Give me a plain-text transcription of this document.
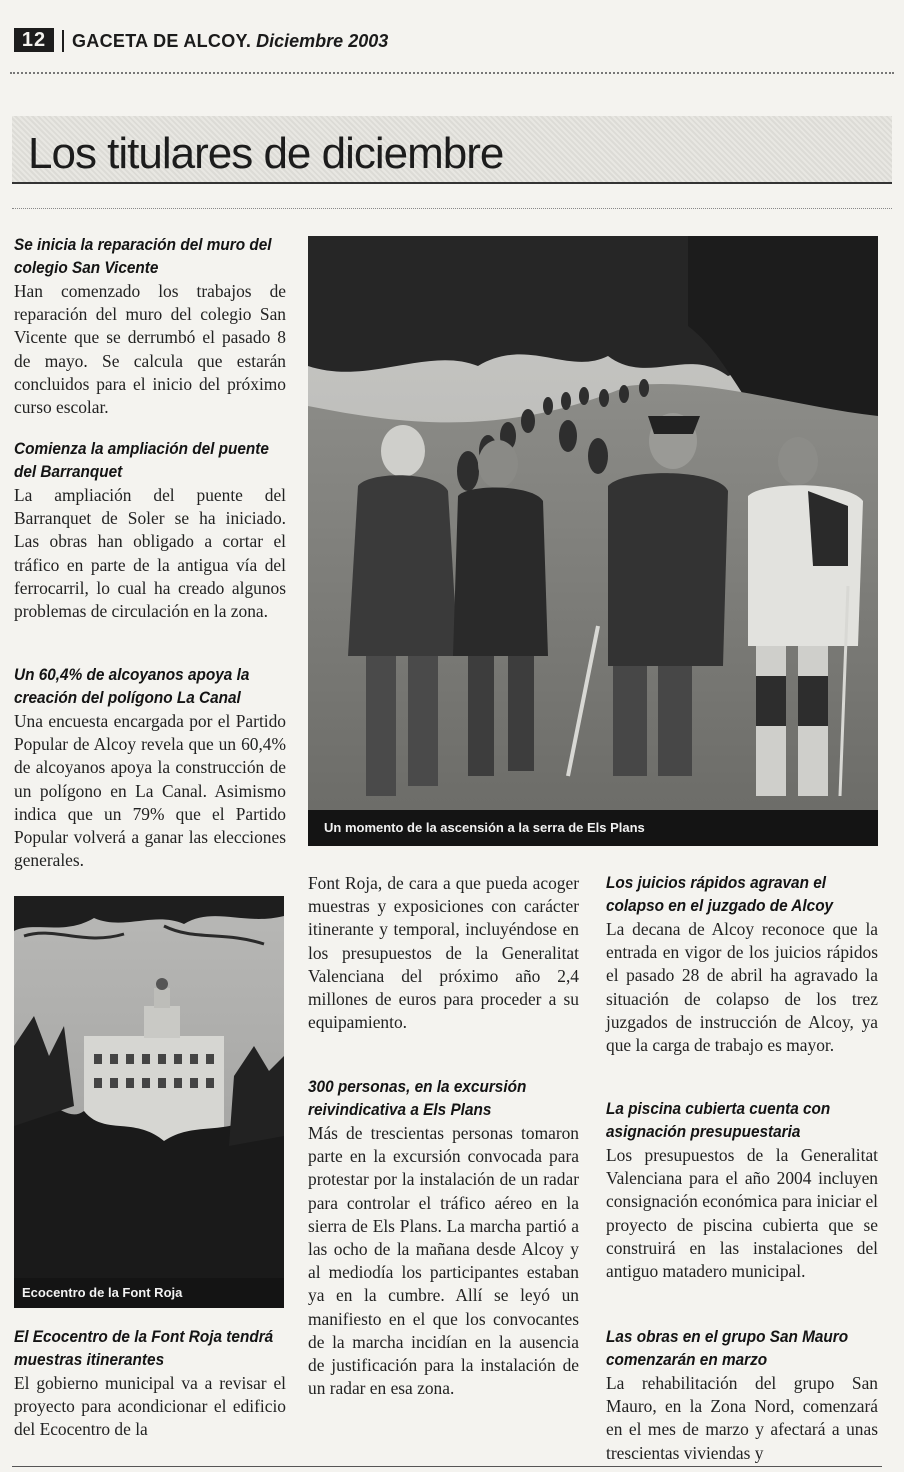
12	GACETA DE ALCOY. Diciembre 2003
Los titulares de diciembre
Se inicia la reparación del muro del colegio San Vicente
Han comenzado los trabajos de reparación del muro del colegio San Vicente que se derrumbó el pasado 8 de mayo. Se calcula que estarán concluidos para el inicio del próximo curso escolar.
Comienza la ampliación del puente del Barranquet
La ampliación del puente del Barranquet de Soler se ha iniciado. Las obras han obligado a cortar el tráfico en parte de la antigua vía del ferrocarril, lo cual ha creado algunos problemas de circulación en la zona.
Un 60,4% de alcoyanos apoya la creación del polígono La Canal
Una encuesta encargada por el Partido Popular de Alcoy revela que un 60,4% de alcoyanos apoya la construcción de un polígono en La Canal. Asimismo indica que un 79% que el Partido Popular volverá a ganar las elecciones generales.
Ecocentro de la Font Roja
El Ecocentro de la Font Roja tendrá muestras itinerantes
El gobierno municipal va a revisar el proyecto para acondicionar el edificio del Ecocentro de la
Un momento de la ascensión a la serra de Els Plans
Font Roja, de cara a que pueda acoger muestras y exposiciones con carácter itinerante y temporal, incluyéndose en los presupuestos de la Generalitat Valenciana del próximo año 2,4 millones de euros para proceder a su equipamiento.
300 personas, en la excursión reivindicativa a Els Plans
Más de trescientas personas tomaron parte en la excursión convocada para protestar por la instalación de un radar para controlar el tráfico aéreo en la sierra de Els Plans. La marcha partió a las ocho de la mañana desde Alcoy y al mediodía los participantes estaban ya en la cumbre. Allí se leyó un manifiesto en el que los convocantes de la marcha incidían en la ausencia de justificación para la instalación de un radar en esa zona.
Los juicios rápidos agravan el colapso en el juzgado de Alcoy
La decana de Alcoy reconoce que la entrada en vigor de los juicios rápidos el pasado 28 de abril ha agravado la situación de colapso de los trez juzgados de instrucción de Alcoy, ya que la carga de trabajo es mayor.
La piscina cubierta cuenta con asignación presupuestaria
Los presupuestos de la Generalitat Valenciana para el año 2004 incluyen consignación económica para iniciar el proyecto de piscina cubierta que se construirá en las instalaciones del antiguo matadero municipal.
Las obras en el grupo San Mauro comenzarán en marzo
La rehabilitación del grupo San Mauro, en la Zona Nord, comenzará en el mes de marzo y afectará a unas trescientas viviendas y
